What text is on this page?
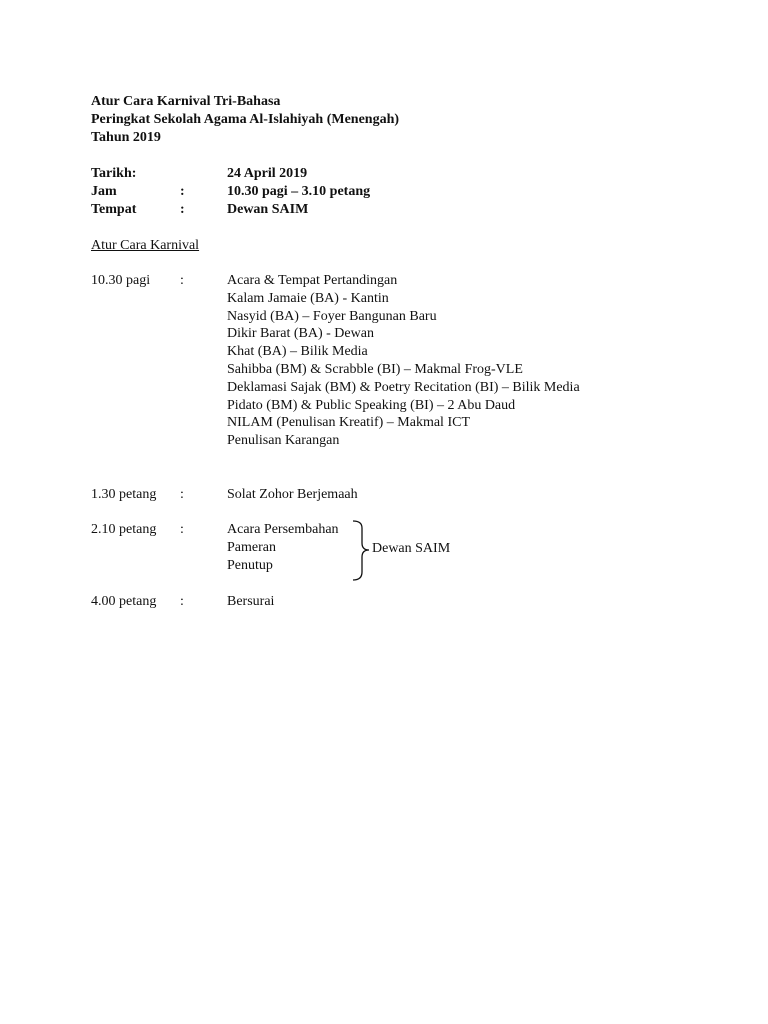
Atur Cara Karnival Tri-Bahasa
Peringkat Sekolah Agama Al-Islahiyah (Menengah)
Tahun 2019
Tarikh:	24 April 2019
Jam	:	10.30 pagi – 3.10 petang
Tempat	:	Dewan SAIM
Atur Cara Karnival
10.30 pagi :	Acara & Tempat Pertandingan
Kalam Jamaie (BA) - Kantin
Nasyid (BA) – Foyer Bangunan Baru
Dikir Barat (BA) - Dewan
Khat (BA) – Bilik Media
Sahibba (BM) & Scrabble (BI) – Makmal Frog-VLE
Deklamasi Sajak (BM) & Poetry Recitation (BI) – Bilik Media
Pidato (BM) & Public Speaking (BI) – 2 Abu Daud
NILAM (Penulisan Kreatif) – Makmal ICT
Penulisan Karangan
1.30 petang :	Solat Zohor Berjemaah
2.10 petang :	Acara Persembahan
Pameran
Penutup
Dewan SAIM
4.00 petang :	Bersurai
